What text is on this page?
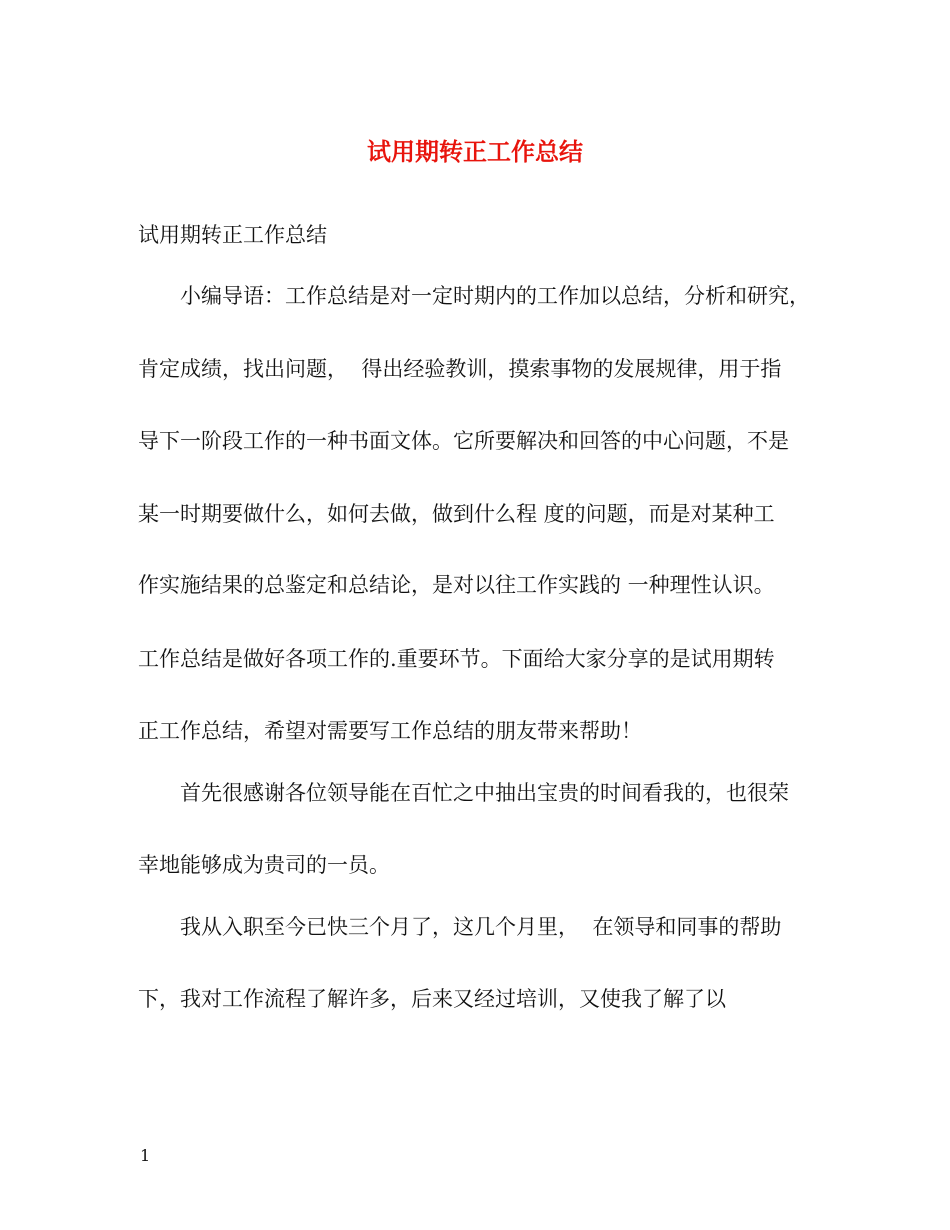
试用期转正工作总结

试用期转正工作总结

小编导语：工作总结是对一定时期内的工作加以总结，分析和研究，

肯定成绩，找出问题，  得出经验教训，摸索事物的发展规律，用于指

导下一阶段工作的一种书面文体。它所要解决和回答的中心问题，不是

某一时期要做什么，如何去做，做到什么程 度的问题，而是对某种工

作实施结果的总鉴定和总结论，是对以往工作实践的 一种理性认识。

工作总结是做好各项工作的.重要环节。下面给大家分享的是试用期转

正工作总结，希望对需要写工作总结的朋友带来帮助！

首先很感谢各位领导能在百忙之中抽出宝贵的时间看我的，也很荣

幸地能够成为贵司的一员。

我从入职至今已快三个月了，这几个月里，  在领导和同事的帮助

下，我对工作流程了解许多，后来又经过培训，又使我了解了以

1
